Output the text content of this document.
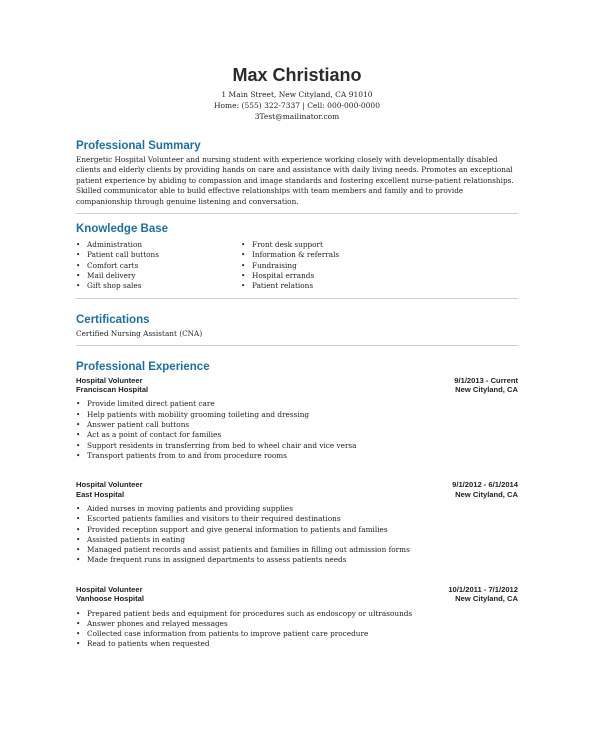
Max Christiano
1 Main Street, New Cityland, CA 91010
Home: (555) 322-7337 | Cell: 000-000-0000
3Test@mailinator.com
Professional Summary
Energetic Hospital Volunteer and nursing student with experience working closely with developmentally disabled clients and elderly clients by providing hands on care and assistance with daily living needs. Promotes an exceptional patient experience by abiding to compassion and image standards and fostering excellent nurse-patient relationships. Skilled communicator able to build effective relationships with team members and family and to provide companionship through genuine listening and conversation.
Knowledge Base
• Administration
• Patient call buttons
• Comfort carts
• Mail delivery
• Gift shop sales
• Front desk support
• Information & referrals
• Fundraising
• Hospital errands
• Patient relations
Certifications
Certified Nursing Assistant (CNA)
Professional Experience
Hospital Volunteer
Franciscan Hospital
9/1/2013 - Current
New Cityland, CA
• Provide limited direct patient care
• Help patients with mobility grooming toileting and dressing
• Answer patient call buttons
• Act as a point of contact for families
• Support residents in transferring from bed to wheel chair and vice versa
• Transport patients from to and from procedure rooms
Hospital Volunteer
East Hospital
9/1/2012 - 6/1/2014
New Cityland, CA
• Aided nurses in moving patients and providing supplies
• Escorted patients families and visitors to their required destinations
• Provided reception support and give general information to patients and families
• Assisted patients in eating
• Managed patient records and assist patients and families in filling out admission forms
• Made frequent runs in assigned departments to assess patients needs
Hospital Volunteer
Vanhoose Hospital
10/1/2011 - 7/1/2012
New Cityland, CA
• Prepared patient beds and equipment for procedures such as endoscopy or ultrasounds
• Answer phones and relayed messages
• Collected case information from patients to improve patient care procedure
• Read to patients when requested
